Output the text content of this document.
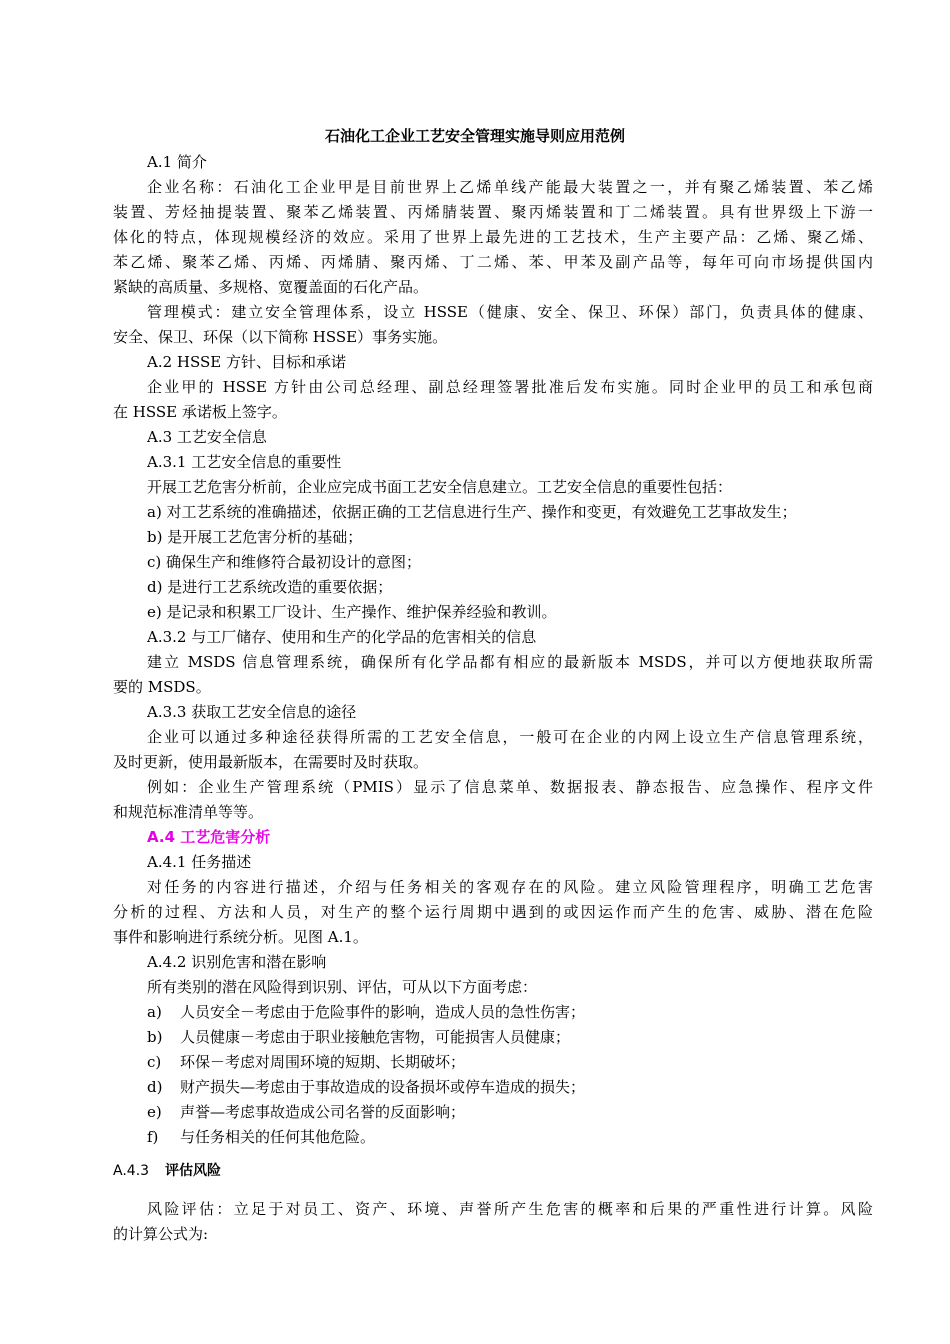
石油化工企业工艺安全管理实施导则应用范例
A.1 简介
企业名称：石油化工企业甲是目前世界上乙烯单线产能最大装置之一，并有聚乙烯装置、苯乙烯
装置、芳烃抽提装置、聚苯乙烯装置、丙烯腈装置、聚丙烯装置和丁二烯装置。具有世界级上下游一
体化的特点，体现规模经济的效应。采用了世界上最先进的工艺技术，生产主要产品：乙烯、聚乙烯、
苯乙烯、聚苯乙烯、丙烯、丙烯腈、聚丙烯、丁二烯、苯、甲苯及副产品等，每年可向市场提供国内
紧缺的高质量、多规格、宽覆盖面的石化产品。
管理模式：建立安全管理体系，设立 HSSE（健康、安全、保卫、环保）部门，负责具体的健康、
安全、保卫、环保（以下简称 HSSE）事务实施。
A.2 HSSE 方针、目标和承诺
企业甲的 HSSE 方针由公司总经理、副总经理签署批准后发布实施。同时企业甲的员工和承包商
在 HSSE 承诺板上签字。
A.3 工艺安全信息
A.3.1 工艺安全信息的重要性
开展工艺危害分析前，企业应完成书面工艺安全信息建立。工艺安全信息的重要性包括：
a) 对工艺系统的准确描述，依据正确的工艺信息进行生产、操作和变更，有效避免工艺事故发生；
b) 是开展工艺危害分析的基础；
c) 确保生产和维修符合最初设计的意图；
d) 是进行工艺系统改造的重要依据；
e) 是记录和积累工厂设计、生产操作、维护保养经验和教训。
A.3.2 与工厂储存、使用和生产的化学品的危害相关的信息
建立 MSDS 信息管理系统，确保所有化学品都有相应的最新版本 MSDS，并可以方便地获取所需
要的 MSDS。
A.3.3 获取工艺安全信息的途径
企业可以通过多种途径获得所需的工艺安全信息，一般可在企业的内网上设立生产信息管理系统，
及时更新，使用最新版本，在需要时及时获取。
例如：企业生产管理系统（PMIS）显示了信息菜单、数据报表、静态报告、应急操作、程序文件
和规范标准清单等等。
A.4 工艺危害分析
A.4.1 任务描述
对任务的内容进行描述，介绍与任务相关的客观存在的风险。建立风险管理程序，明确工艺危害
分析的过程、方法和人员，对生产的整个运行周期中遇到的或因运作而产生的危害、威胁、潜在危险
事件和影响进行系统分析。见图 A.1。
A.4.2 识别危害和潜在影响
所有类别的潜在风险得到识别、评估，可从以下方面考虑：
a) 人员安全－考虑由于危险事件的影响，造成人员的急性伤害；
b) 人员健康－考虑由于职业接触危害物，可能损害人员健康；
c) 环保－考虑对周围环境的短期、长期破坏；
d) 财产损失—考虑由于事故造成的设备损坏或停车造成的损失；
e) 声誉—考虑事故造成公司名誉的反面影响；
f) 与任务相关的任何其他危险。
A.4.3 评估风险
风险评估：立足于对员工、资产、环境、声誉所产生危害的概率和后果的严重性进行计算。风险
的计算公式为:
